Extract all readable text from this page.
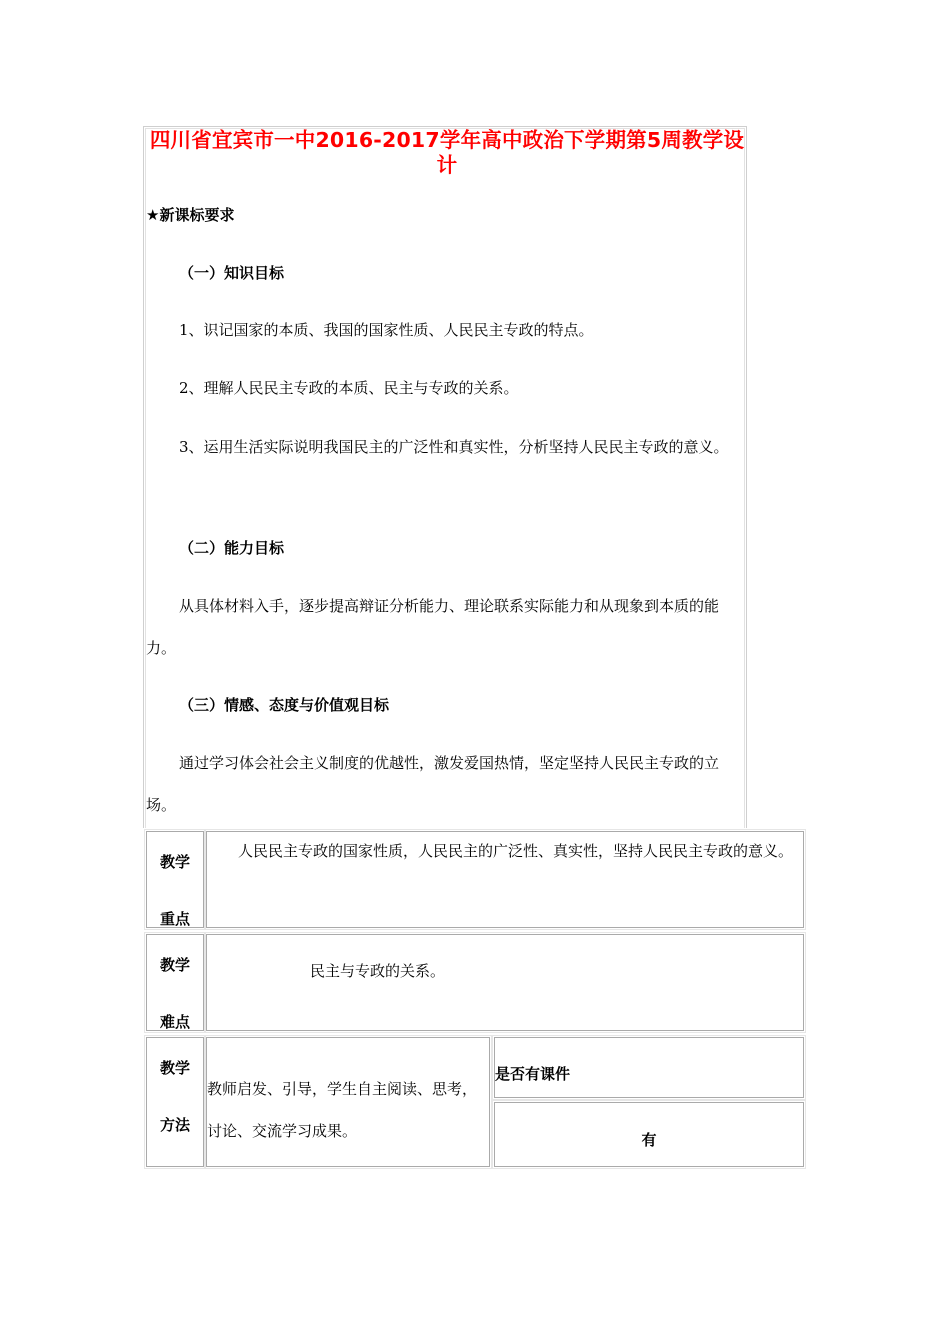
四川省宜宾市一中2016-2017学年高中政治下学期第5周教学设计
★新课标要求
（一）知识目标
1、识记国家的本质、我国的国家性质、人民民主专政的特点。
2、理解人民民主专政的本质、民主与专政的关系。
3、运用生活实际说明我国民主的广泛性和真实性，分析坚持人民民主专政的意义。
（二）能力目标
从具体材料入手，逐步提高辩证分析能力、理论联系实际能力和从现象到本质的能力。
（三）情感、态度与价值观目标
通过学习体会社会主义制度的优越性，激发爱国热情，坚定坚持人民民主专政的立场。
教学
重点
人民民主专政的国家性质，人民民主的广泛性、真实性，坚持人民民主专政的意义。
教学
难点
民主与专政的关系。
教学
方法
教师启发、引导，学生自主阅读、思考，讨论、交流学习成果。
是否有课件
有
